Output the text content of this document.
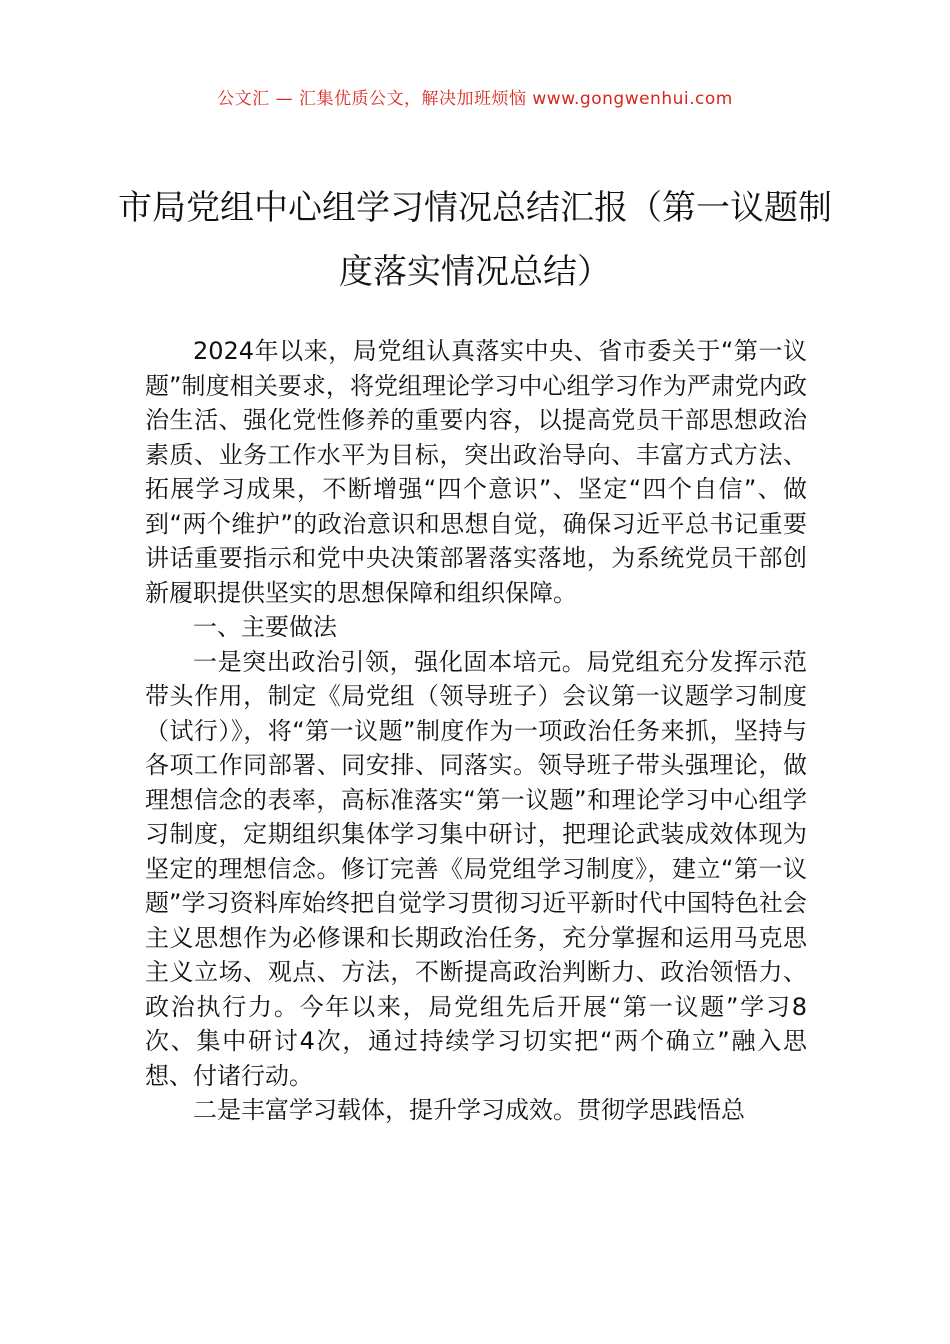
公文汇 — 汇集优质公文，解决加班烦恼 www.gongwenhui.com
市局党组中心组学习情况总结汇报（第一议题制度落实情况总结）

2024年以来，局党组认真落实中央、省市委关于“第一议题”制度相关要求，将党组理论学习中心组学习作为严肃党内政治生活、强化党性修养的重要内容，以提高党员干部思想政治素质、业务工作水平为目标，突出政治导向、丰富方式方法、拓展学习成果，不断增强“四个意识”、坚定“四个自信”、做到“两个维护”的政治意识和思想自觉，确保习近平总书记重要讲话重要指示和党中央决策部署落实落地，为系统党员干部创新履职提供坚实的思想保障和组织保障。

一、主要做法

一是突出政治引领，强化固本培元。局党组充分发挥示范带头作用，制定《局党组（领导班子）会议第一议题学习制度（试行）》，将“第一议题”制度作为一项政治任务来抓，坚持与各项工作同部署、同安排、同落实。领导班子带头强理论，做理想信念的表率，高标准落实“第一议题”和理论学习中心组学习制度，定期组织集体学习集中研讨，把理论武装成效体现为坚定的理想信念。修订完善《局党组学习制度》，建立“第一议题”学习资料库始终把自觉学习贯彻习近平新时代中国特色社会主义思想作为必修课和长期政治任务，充分掌握和运用马克思主义立场、观点、方法，不断提高政治判断力、政治领悟力、政治执行力。今年以来，局党组先后开展“第一议题”学习8次、集中研讨4次，通过持续学习切实把“两个确立”融入思想、付诸行动。

二是丰富学习载体，提升学习成效。贯彻学思践悟总
